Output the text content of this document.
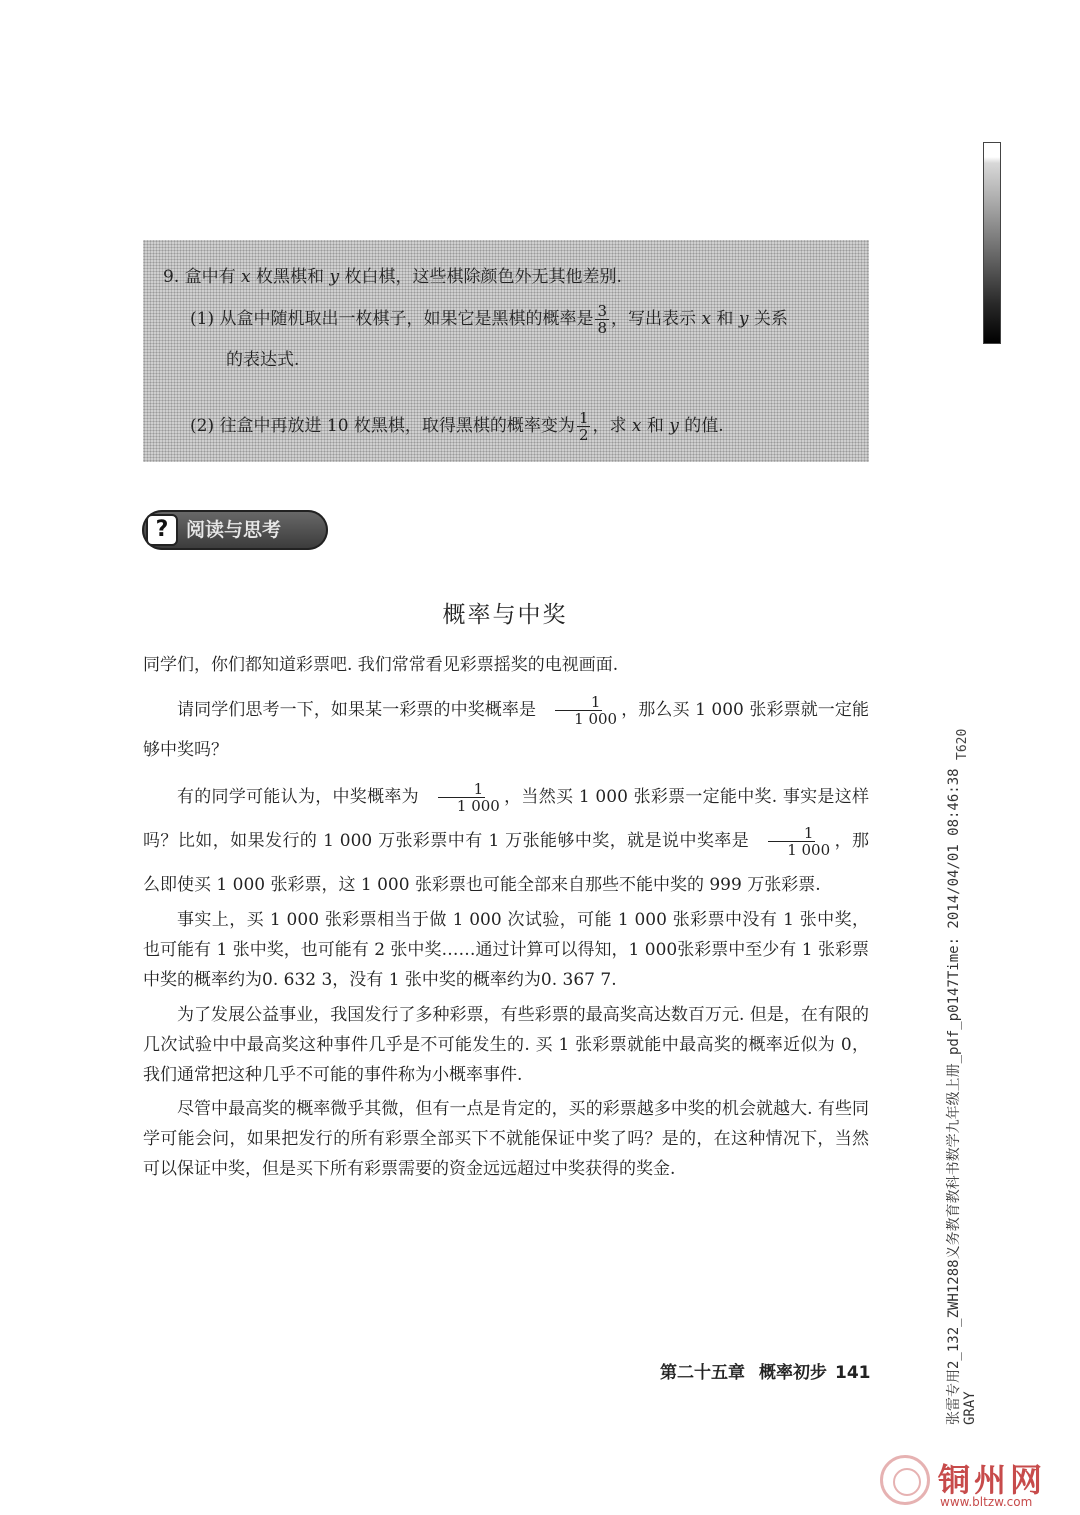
9. 盒中有 x 枚黑棋和 y 枚白棋，这些棋除颜色外无其他差别.
(1) 从盒中随机取出一枚棋子，如果它是黑棋的概率是 $\frac{3}{8}$ ，写出表示 x 和 y 关系
的表达式.
(2) 往盒中再放进 10 枚黑棋，取得黑棋的概率变为 $\frac{1}{2}$ ，求 x 和 y 的值.
? 阅读与思考
概率与中奖

同学们，你们都知道彩票吧. 我们常常看见彩票摇奖的电视画面.

请同学们思考一下，如果某一彩票的中奖概率是 $\frac{1}{1 000}$ ，那么买 1 000 张彩票就一定能够中奖吗？

有的同学可能认为，中奖概率为 $\frac{1}{1 000}$ ，当然买 1 000 张彩票一定能中奖. 事实是这样吗？比如，如果发行的 1 000 万张彩票中有 1 万张能够中奖，就是说中奖率是 $\frac{1}{1 000}$ ，那么即使买 1 000 张彩票，这 1 000 张彩票也可能全部来自那些不能中奖的 999 万张彩票.

事实上，买 1 000 张彩票相当于做 1 000 次试验，可能 1 000 张彩票中没有 1 张中奖，也可能有 1 张中奖，也可能有 2 张中奖……通过计算可以得知，1 000张彩票中至少有 1 张彩票中奖的概率约为0. 632 3，没有 1 张中奖的概率约为0. 367 7.

为了发展公益事业，我国发行了多种彩票，有些彩票的最高奖高达数百万元. 但是，在有限的几次试验中中最高奖这种事件几乎是不可能发生的. 买 1 张彩票就能中最高奖的概率近似为 0，我们通常把这种几乎不可能的事件称为小概率事件.

尽管中最高奖的概率微乎其微，但有一点是肯定的，买的彩票越多中奖的机会就越大. 有些同学可能会问，如果把发行的所有彩票全部买下不就能保证中奖了吗？是的，在这种情况下，当然可以保证中奖，但是买下所有彩票需要的资金远远超过中奖获得的奖金.

第二十五章 概率初步 141
T620
张雷专用2_132_ZWH1288义务教育教科书数学九年级上册_pdf_p0147Time: 2014/04/01 08:46:38 GRAY
铜州网
www.bltzw.com
